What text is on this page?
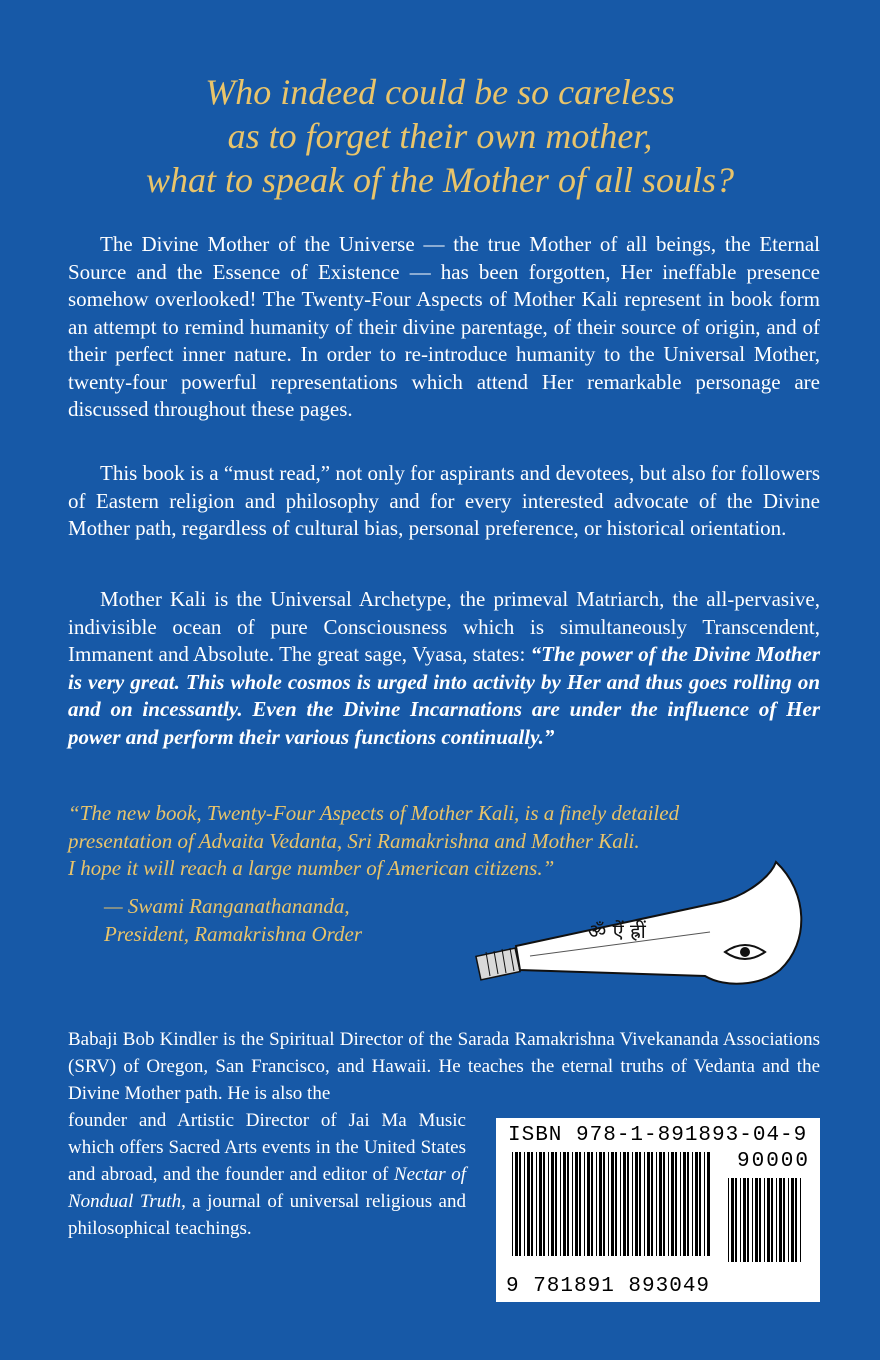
Who indeed could be so careless
as to forget their own mother,
what to speak of the Mother of all souls?

The Divine Mother of the Universe — the true Mother of all beings, the Eternal Source and the Essence of Existence — has been forgotten, Her ineffable presence somehow overlooked! The Twenty-Four Aspects of Mother Kali represent in book form an attempt to remind humanity of their divine parentage, of their source of origin, and of their perfect inner nature. In order to re-introduce humanity to the Universal Mother, twenty-four powerful representations which attend Her remarkable personage are discussed throughout these pages.

This book is a “must read,” not only for aspirants and devotees, but also for followers of Eastern religion and philosophy and for every interested advocate of the Divine Mother path, regardless of cultural bias, personal preference, or historical orientation.

Mother Kali is the Universal Archetype, the primeval Matriarch, the all-pervasive, indivisible ocean of pure Consciousness which is simultaneously Transcendent, Immanent and Absolute. The great sage, Vyasa, states: “The power of the Divine Mother is very great. This whole cosmos is urged into activity by Her and thus goes rolling on and on incessantly. Even the Divine Incarnations are under the influence of Her power and perform their various functions continually.”

“The new book, Twenty-Four Aspects of Mother Kali, is a finely detailed
presentation of Advaita Vedanta, Sri Ramakrishna and Mother Kali.
I hope it will reach a large number of American citizens.”
— Swami Ranganathananda,
President, Ramakrishna Order	ॐ ऐं ह्रीं

Babaji Bob Kindler is the Spiritual Director of the Sarada Ramakrishna Vivekananda Associations (SRV) of Oregon, San Francisco, and Hawaii. He teaches the eternal truths of Vedanta and the Divine Mother path. He is also the

founder and Artistic Director of Jai Ma Music which offers Sacred Arts events in the United States and abroad, and the founder and editor of Nectar of Nondual Truth, a journal of universal religious and philosophical teachings.

ISBN 978-1-891893-04-9
90000
9 781891 893049
